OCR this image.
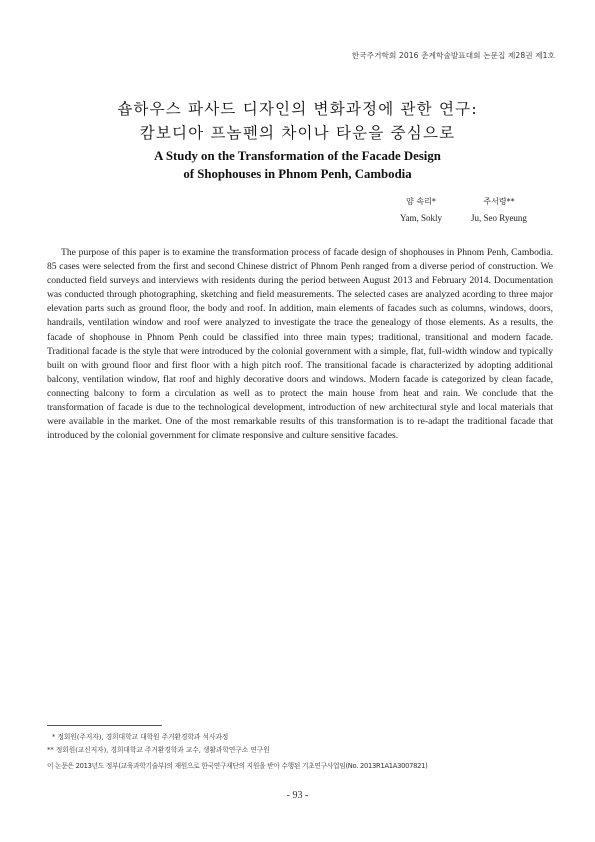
한국주거학회 2016 춘계학술발표대회 논문집 제28권 제1호
숍하우스 파사드 디자인의 변화과정에 관한 연구:
캄보디아 프놈펜의 차이나 타운을 중심으로
A Study on the Transformation of the Facade Design
of Shophouses in Phnom Penh, Cambodia
얌 속리*
Yam, Sokly
주서령**
Ju, Seo Ryeung

The purpose of this paper is to examine the transformation process of facade design of shophouses in Phnom Penh, Cambodia. 85 cases were selected from the first and second Chinese district of Phnom Penh ranged from a diverse period of construction. We conducted field surveys and interviews with residents during the period between August 2013 and February 2014. Documentation was conducted through photographing, sketching and field measurements. The selected cases are analyzed acording to three major elevation parts such as ground floor, the body and roof. In addition, main elements of facades such as columns, windows, doors, handrails, ventilation window and roof were analyzed to investigate the trace the genealogy of those elements. As a results, the facade of shophouse in Phnom Penh could be classified into three main types; traditional, transitional and modern facade. Traditional facade is the style that were introduced by the colonial government with a simple, flat, full-width window and typically built on with ground floor and first floor with a high pitch roof. The transitional facade is characterized by adopting additional balcony, ventilation window, flat roof and highly decorative doors and windows. Modern facade is categorized by clean facade, connecting balcony to form a circulation as well as to protect the main house from heat and rain. We conclude that the transformation of facade is due to the technological development, introduction of new architectural style and local materials that were available in the market. One of the most remarkable results of this transformation is to re-adapt the traditional facade that introduced by the colonial government for climate responsive and culture sensitive facades.

* 정회원(주저자), 경희대학교 대학원 주거환경학과 석사과정
** 정회원(교신저자), 경희대학교 주거환경학과 교수, 생활과학연구소 연구원
이 논문은 2013년도 정부(교육과학기술부)의 재원으로 한국연구재단의 지원을 받아 수행된 기초연구사업임(No. 2013R1A1A3007821)
- 93 -
